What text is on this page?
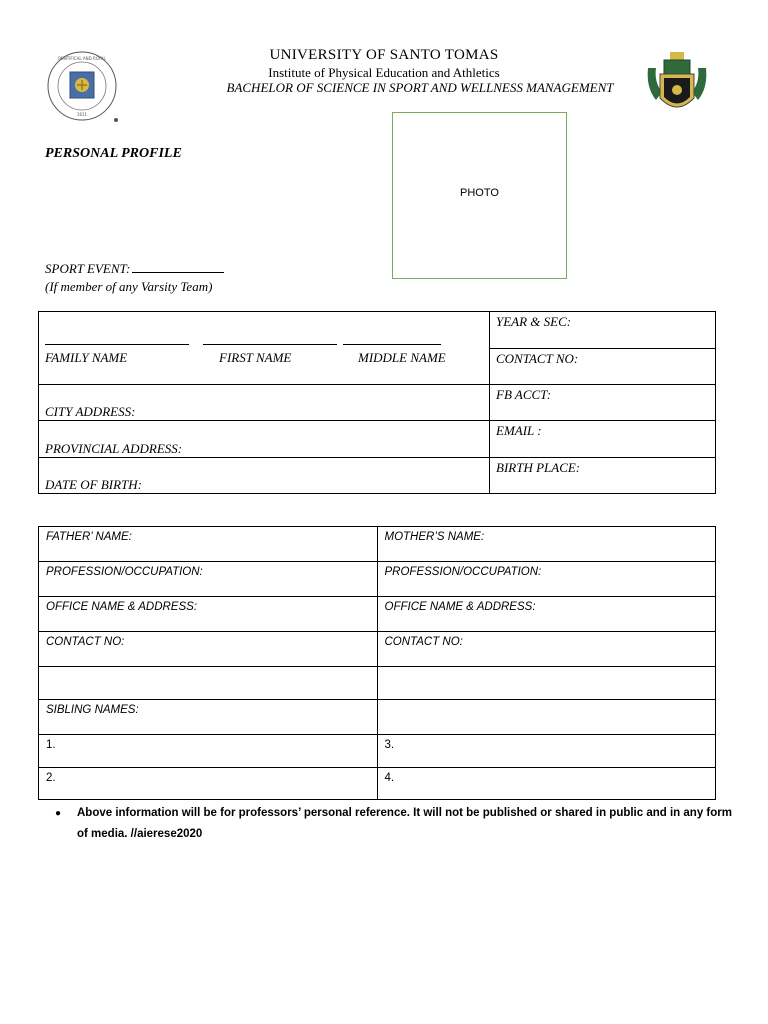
PONTIFICAL AND ROYAL
1611
UNIVERSITY OF SANTO TOMAS
Institute of Physical Education and Athletics
BACHELOR OF SCIENCE IN SPORT AND WELLNESS MANAGEMENT
PERSONAL PROFILE
PHOTO
SPORT EVENT:
(If member of any Varsity Team)
FAMILY NAME FIRST NAME MIDDLE NAME	YEAR & SEC:
	CONTACT NO:
CITY ADDRESS:	FB ACCT:
PROVINCIAL ADDRESS:	EMAIL :
DATE OF BIRTH:	BIRTH PLACE:
FATHER’ NAME:	MOTHER’S NAME:

PROFESSION/OCCUPATION:	PROFESSION/OCCUPATION:

OFFICE NAME & ADDRESS:	OFFICE NAME & ADDRESS:

CONTACT NO:	CONTACT NO:

SIBLING NAMES:	

1.	3.

2.	4.
● Above information will be for professors’ personal reference. It will not be published or shared in public and in any form of media. //aierese2020
